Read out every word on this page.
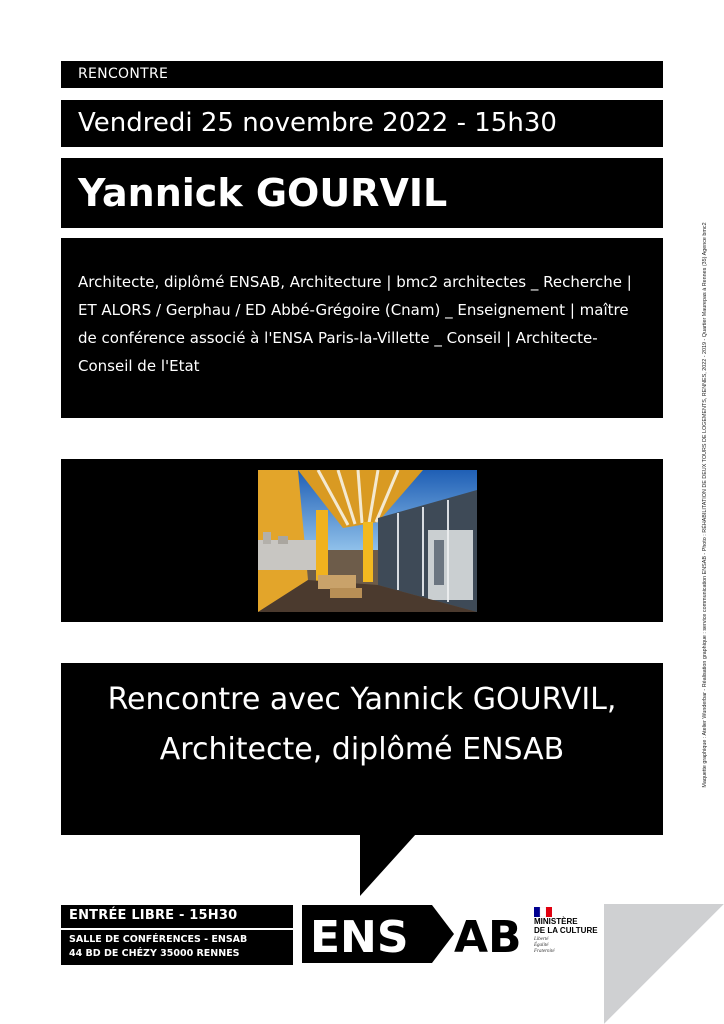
RENCONTRE
Vendredi 25 novembre 2022 - 15h30
Yannick GOURVIL

Architecte, diplômé ENSAB, Architecture | bmc2 architectes _ Recherche | ET ALORS / Gerphau / ED Abbé-Grégoire (Cnam) _ Enseignement | maître de conférence associé à l'ENSA Paris-la-Villette _ Conseil | Architecte-Conseil de l'Etat

Rencontre avec Yannick GOURVIL, Architecte, diplômé ENSAB

ENTRÉE LIBRE - 15H30
SALLE DE CONFÉRENCES - ENSAB
44 BD DE CHÉZY 35000 RENNES ENS AB MINISTÈRE
DE LA CULTURE
Liberté
Égalité
Fraternité
Maquette graphique : Atelier Wunderbar - Réalisation graphique : service communication ENSAB - Photo : RÉHABILITATION DE DEUX TOURS DE LOGEMENTS, RENNES, 2022 - 2019 - Quartier Maurepas à Rennes (35) Agence bmc2
